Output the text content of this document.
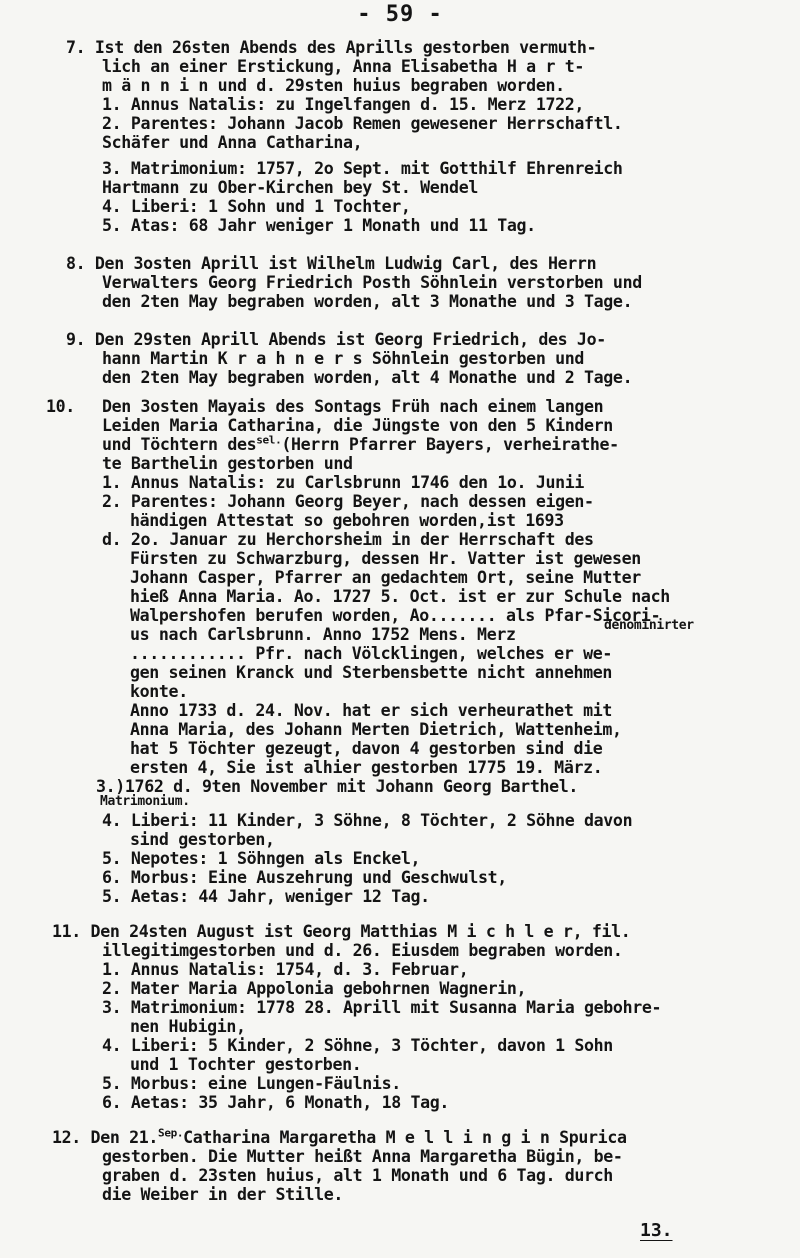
- 59 -
7. Ist den 26sten Abends des Aprills gestorben vermuth-
lich an einer Erstickung, Anna Elisabetha H a r t-
m ä n n i n und d. 29sten huius begraben worden.
1. Annus Natalis: zu Ingelfangen d. 15. Merz 1722,
2. Parentes: Johann Jacob Remen gewesener Herrschaftl.
Schäfer und Anna Catharina,
3. Matrimonium: 1757, 2o Sept. mit Gotthilf Ehrenreich
Hartmann zu Ober-Kirchen bey St. Wendel
4. Liberi: 1 Sohn und 1 Tochter,
5. Atas: 68 Jahr weniger 1 Monath und 11 Tag.
8. Den 3osten Aprill ist Wilhelm Ludwig Carl, des Herrn
Verwalters Georg Friedrich Posth Söhnlein verstorben und
den 2ten May begraben worden, alt 3 Monathe und 3 Tage.
9. Den 29sten Aprill Abends ist Georg Friedrich, des Jo-
hann Martin K r a h n e r s Söhnlein gestorben und
den 2ten May begraben worden, alt 4 Monathe und 2 Tage.
10. Den 3osten Mayais des Sontags Früh nach einem langen
Leiden Maria Catharina, die Jüngste von den 5 Kindern
und Töchtern des$^{sel.}$(Herrn Pfarrer Bayers, verheirathe-
te Barthelin gestorben und
1. Annus Natalis: zu Carlsbrunn 1746 den 1o. Junii
2. Parentes: Johann Georg Beyer, nach dessen eigen-
händigen Attestat so gebohren worden,ist 1693
d. 2o. Januar zu Herchorsheim in der Herrschaft des
Fürsten zu Schwarzburg, dessen Hr. Vatter ist gewesen
Johann Casper, Pfarrer an gedachtem Ort, seine Mutter
hieß Anna Maria. Ao. 1727 5. Oct. ist er zur Schule nach
Walpershofen berufen worden, Ao....... als Pfar-Sicori-
us nach Carlsbrunn. Anno 1752 Mens. Merz	denominirter
............ Pfr. nach Völcklingen, welches er we-
gen seinen Kranck und Sterbensbette nicht annehmen
konte.
Anno 1733 d. 24. Nov. hat er sich verheurathet mit
Anna Maria, des Johann Merten Dietrich, Wattenheim,
hat 5 Töchter gezeugt, davon 4 gestorben sind die
ersten 4, Sie ist alhier gestorben 1775 19. März.
3.)1762 d. 9ten November mit Johann Georg Barthel.
Matrimonium.
4. Liberi: 11 Kinder, 3 Söhne, 8 Töchter, 2 Söhne davon
sind gestorben,
5. Nepotes: 1 Söhngen als Enckel,
6. Morbus: Eine Auszehrung und Geschwulst,
5. Aetas: 44 Jahr, weniger 12 Tag.
11. Den 24sten August ist Georg Matthias M i c h l e r, fil.
illegitimgestorben und d. 26. Eiusdem begraben worden.
1. Annus Natalis: 1754, d. 3. Februar,
2. Mater Maria Appolonia gebohrnen Wagnerin,
3. Matrimonium: 1778 28. Aprill mit Susanna Maria gebohre-
nen Hubigin,
4. Liberi: 5 Kinder, 2 Söhne, 3 Töchter, davon 1 Sohn
und 1 Tochter gestorben.
5. Morbus: eine Lungen-Fäulnis.
6. Aetas: 35 Jahr, 6 Monath, 18 Tag.
12. Den 21.$^{Sep.}$Catharina Margaretha M e l l i n g i n Spurica
gestorben. Die Mutter heißt Anna Margaretha Bügin, be-
graben d. 23sten huius, alt 1 Monath und 6 Tag. durch
die Weiber in der Stille.
13.
